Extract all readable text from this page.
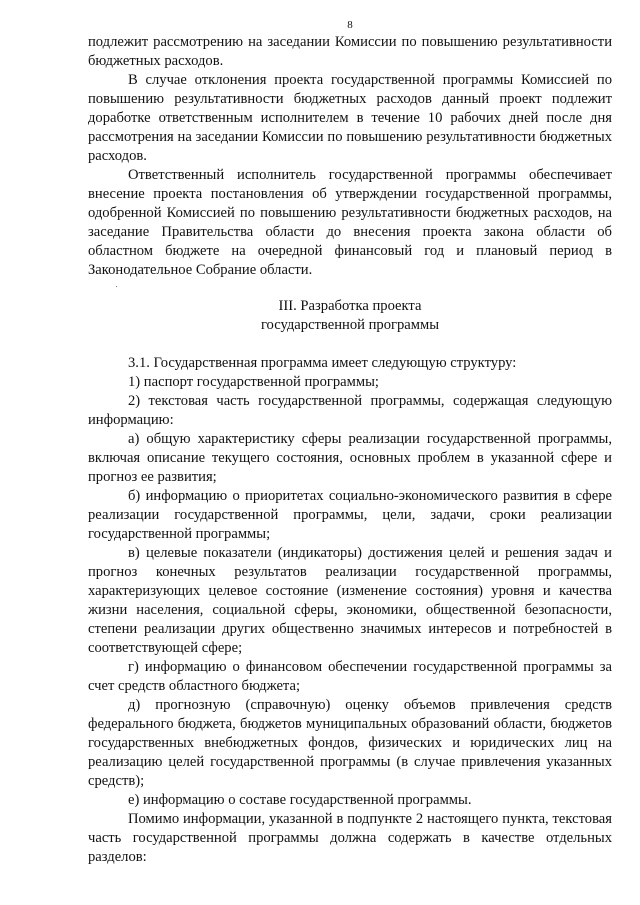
8

подлежит рассмотрению на заседании Комиссии по повышению результативности бюджетных расходов.

В случае отклонения проекта государственной программы Комиссией по повышению результативности бюджетных расходов данный проект подлежит доработке ответственным исполнителем в течение 10 рабочих дней после дня рассмотрения на заседании Комиссии по повышению результативности бюджетных расходов.

Ответственный исполнитель государственной программы обеспечивает внесение проекта постановления об утверждении государственной программы, одобренной Комиссией по повышению результативности бюджетных расходов, на заседание Правительства области до внесения проекта закона области об областном бюджете на очередной финансовый год и плановый период в Законодательное Собрание области.

III. Разработка проекта

государственной программы

3.1. Государственная программа имеет следующую структуру:

1) паспорт государственной программы;

2) текстовая часть государственной программы, содержащая следующую информацию:

а) общую характеристику сферы реализации государственной программы, включая описание текущего состояния, основных проблем в указанной сфере и прогноз ее развития;

б) информацию о приоритетах социально-экономического развития в сфере реализации государственной программы, цели, задачи, сроки реализации государственной программы;

в) целевые показатели (индикаторы) достижения целей и решения задач и прогноз конечных результатов реализации государственной программы, характеризующих целевое состояние (изменение состояния) уровня и качества жизни населения, социальной сферы, экономики, общественной безопасности, степени реализации других общественно значимых интересов и потребностей в соответствующей сфере;

г) информацию о финансовом обеспечении государственной программы за счет средств областного бюджета;

д) прогнозную (справочную) оценку объемов привлечения средств федерального бюджета, бюджетов муниципальных образований области, бюджетов государственных внебюджетных фондов, физических и юридических лиц на реализацию целей государственной программы (в случае привлечения указанных средств);

е) информацию о составе государственной программы.

Помимо информации, указанной в подпункте 2 настоящего пункта, текстовая часть государственной программы должна содержать в качестве отдельных разделов:
